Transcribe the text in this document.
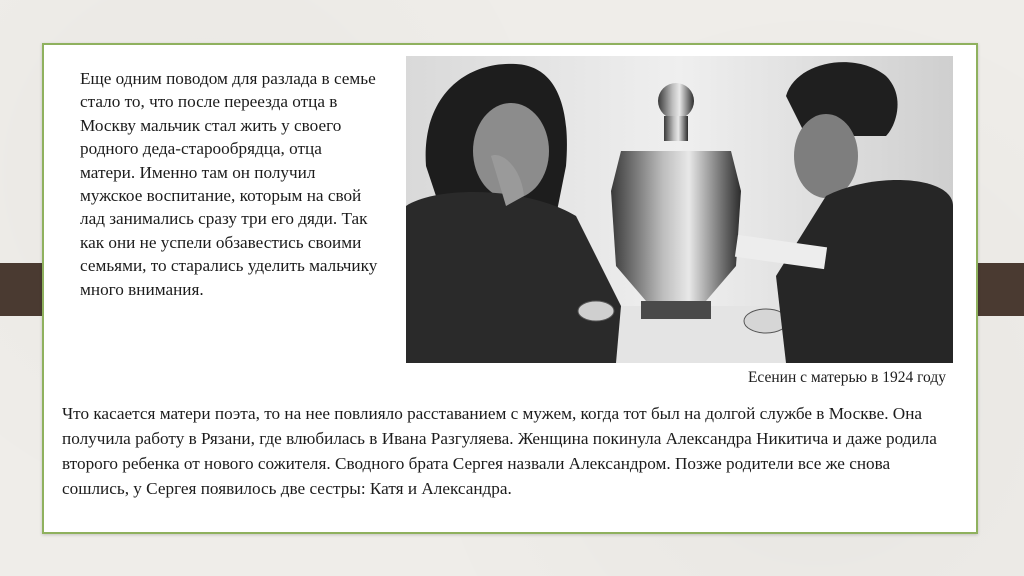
Еще одним поводом для разлада в семье стало то, что после переезда отца в Москву мальчик стал жить у своего родного деда-старообрядца, отца матери. Именно там он получил мужское воспитание, которым на свой лад занимались сразу три его дяди. Так как они не успели обзавестись своими семьями, то старались уделить мальчику много внимания.
Есенин с матерью в 1924 году
Что касается матери поэта, то на нее повлияло расставанием с мужем, когда тот был на долгой службе в Москве. Она получила работу в Рязани, где влюбилась в Ивана Разгуляева. Женщина покинула Александра Никитича и даже родила второго ребенка от нового сожителя. Сводного брата Сергея назвали Александром. Позже родители все же снова сошлись, у Сергея появилось две сестры: Катя и Александра.
